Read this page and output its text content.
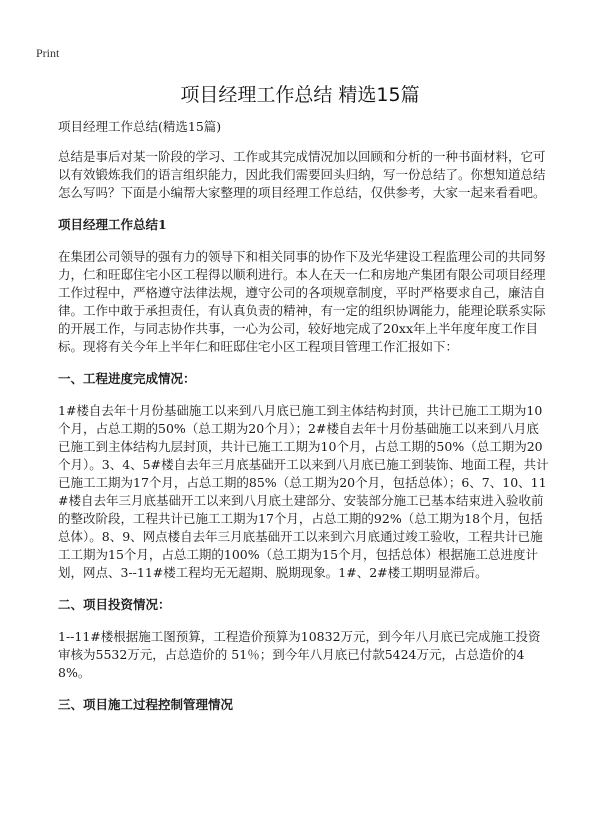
Print
项目经理工作总结 精选15篇

项目经理工作总结(精选15篇)

总结是事后对某一阶段的学习、工作或其完成情况加以回顾和分析的一种书面材料，它可以有效锻炼我们的语言组织能力，因此我们需要回头归纳，写一份总结了。你想知道总结怎么写吗？下面是小编帮大家整理的项目经理工作总结，仅供参考，大家一起来看看吧。

项目经理工作总结1

在集团公司领导的强有力的领导下和相关同事的协作下及光华建设工程监理公司的共同努力，仁和旺邸住宅小区工程得以顺利进行。本人在天一仁和房地产集团有限公司项目经理工作过程中，严格遵守法律法规，遵守公司的各项规章制度，平时严格要求自己，廉洁自律。工作中敢于承担责任，有认真负责的精神，有一定的组织协调能力，能理论联系实际的开展工作，与同志协作共事，一心为公司，较好地完成了20xx年上半年度年度工作目标。现将有关今年上半年仁和旺邸住宅小区工程项目管理工作汇报如下：

一、工程进度完成情况：

1#楼自去年十月份基础施工以来到八月底已施工到主体结构封顶，共计已施工工期为10个月，占总工期的50%（总工期为20个月）；2#楼自去年十月份基础施工以来到八月底已施工到主体结构九层封顶，共计已施工工期为10个月，占总工期的50%（总工期为20个月）。3、4、5#楼自去年三月底基础开工以来到八月底已施工到装饰、地面工程，共计已施工工期为17个月，占总工期的85%（总工期为20个月，包括总体）；6、7、10、11#楼自去年三月底基础开工以来到八月底土建部分、安装部分施工已基本结束进入验收前的整改阶段，工程共计已施工工期为17个月，占总工期的92%（总工期为18个月，包括总体）。8、9、网点楼自去年三月底基础开工以来到六月底通过竣工验收，工程共计已施工工期为15个月，占总工期的100%（总工期为15个月，包括总体）根据施工总进度计划，网点、3--11#楼工程均无无超期、脱期现象。1#、2#楼工期明显滞后。

二、项目投资情况：

1--11#楼根据施工图预算，工程造价预算为10832万元，到今年八月底已完成施工投资审核为5532万元，占总造价的 51％；到今年八月底已付款5424万元，占总造价的48%。

三、项目施工过程控制管理情况
